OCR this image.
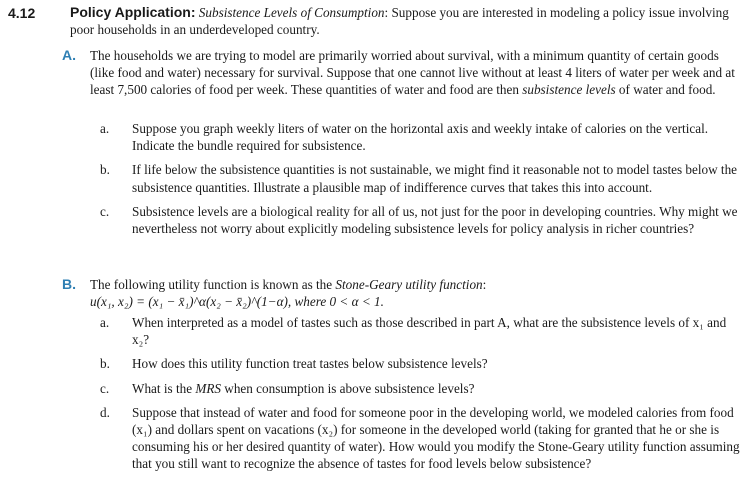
4.12 Policy Application: Subsistence Levels of Consumption: Suppose you are interested in modeling a policy issue involving poor households in an underdeveloped country.
A. The households we are trying to model are primarily worried about survival, with a minimum quantity of certain goods (like food and water) necessary for survival. Suppose that one cannot live without at least 4 liters of water per week and at least 7,500 calories of food per week. These quantities of water and food are then subsistence levels of water and food.
a.	Suppose you graph weekly liters of water on the horizontal axis and weekly intake of calories on the vertical. Indicate the bundle required for subsistence.
b.	If life below the subsistence quantities is not sustainable, we might find it reasonable not to model tastes below the subsistence quantities. Illustrate a plausible map of indifference curves that takes this into account.
c.	Subsistence levels are a biological reality for all of us, not just for the poor in developing countries. Why might we nevertheless not worry about explicitly modeling subsistence levels for policy analysis in richer countries?
B. The following utility function is known as the Stone-Geary utility function:
u(x₁, x₂) = (x₁ − x̄₁)^α(x₂ − x̄₂)^(1−α), where 0 < α < 1.
a.	When interpreted as a model of tastes such as those described in part A, what are the subsistence levels of x₁ and x₂?
b.	How does this utility function treat tastes below subsistence levels?
c.	What is the MRS when consumption is above subsistence levels?
d.	Suppose that instead of water and food for someone poor in the developing world, we modeled calories from food (x₁) and dollars spent on vacations (x₂) for someone in the developed world (taking for granted that he or she is consuming his or her desired quantity of water). How would you modify the Stone-Geary utility function assuming that you still want to recognize the absence of tastes for food levels below subsistence?
